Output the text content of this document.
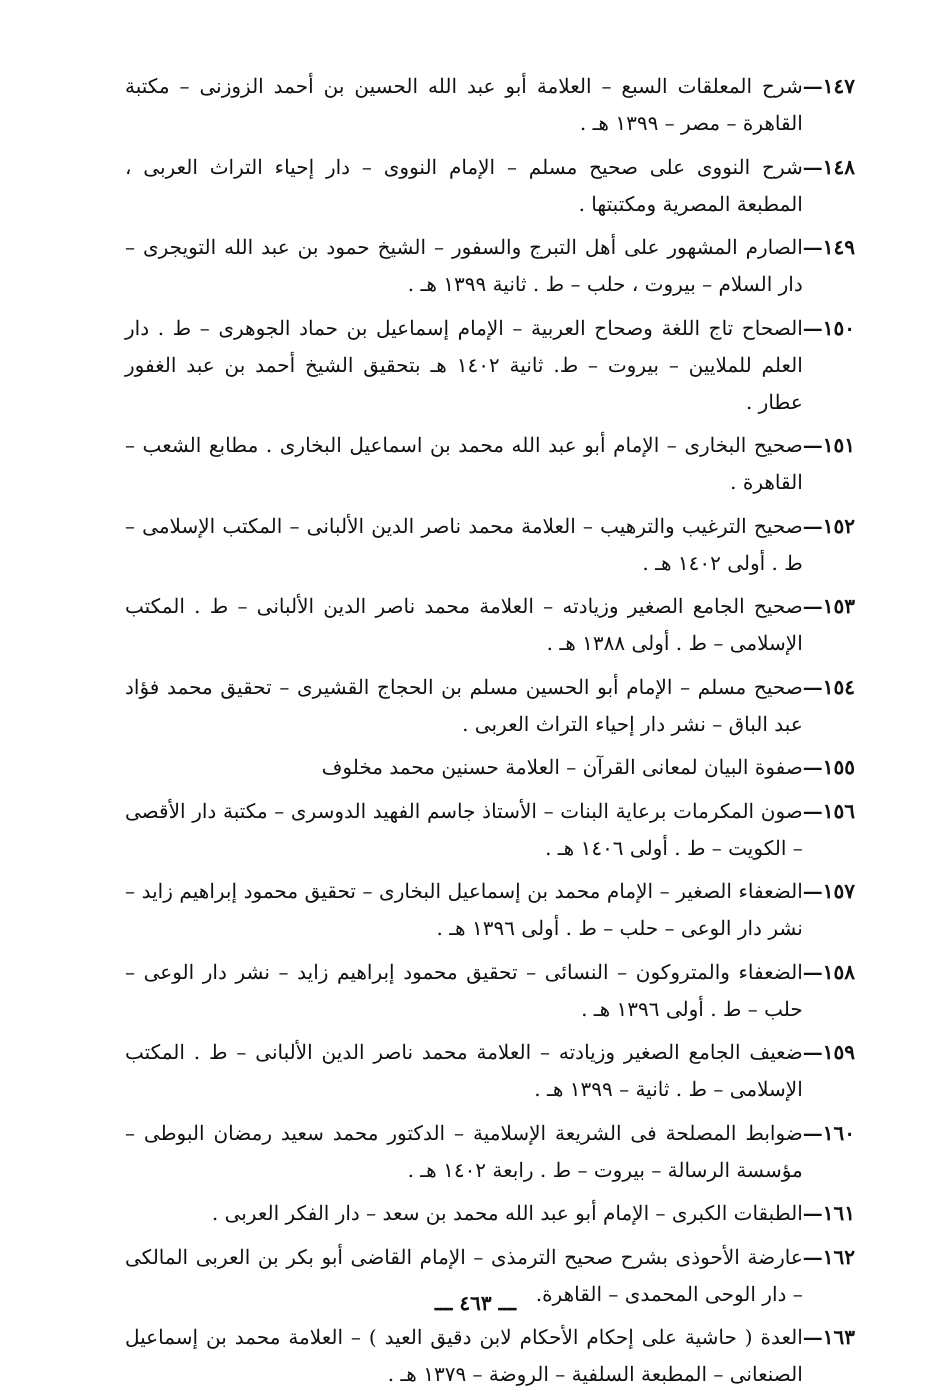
١٤٧
—
شرح المعلقات السبع – العلامة أبو عبد الله الحسين بن أحمد الزوزنى – مكتبة القاهرة – مصر – ١٣٩٩ هـ .
١٤٨
—
شرح النووى على صحيح مسلم – الإمام النووى – دار إحياء التراث العربى ، المطبعة المصرية ومكتبتها .
١٤٩
—
الصارم المشهور على أهل التبرج والسفور – الشيخ حمود بن عبد الله التويجرى – دار السلام – بيروت ، حلب – ط . ثانية ١٣٩٩ هـ .
١٥٠
—
الصحاح تاج اللغة وصحاح العربية – الإمام إسماعيل بن حماد الجوهرى – ط . دار العلم للملايين – بيروت – ط. ثانية ١٤٠٢ هـ بتحقيق الشيخ أحمد بن عبد الغفور عطار .
١٥١
—
صحيح البخارى – الإمام أبو عبد الله محمد بن اسماعيل البخارى . مطابع الشعب – القاهرة .
١٥٢
—
صحيح الترغيب والترهيب – العلامة محمد ناصر الدين الألبانى – المكتب الإسلامى – ط . أولى ١٤٠٢ هـ .
١٥٣
—
صحيح الجامع الصغير وزيادته – العلامة محمد ناصر الدين الألبانى – ط . المكتب الإسلامى – ط . أولى ١٣٨٨ هـ .
١٥٤
—
صحيح مسلم – الإمام أبو الحسين مسلم بن الحجاج القشيرى – تحقيق محمد فؤاد عبد الباق – نشر دار إحياء التراث العربى .
١٥٥
—
صفوة البيان لمعانى القرآن – العلامة حسنين محمد مخلوف
١٥٦
—
صون المكرمات برعاية البنات – الأستاذ جاسم الفهيد الدوسرى – مكتبة دار الأقصى – الكويت – ط . أولى ١٤٠٦ هـ .
١٥٧
—
الضعفاء الصغير – الإمام محمد بن إسماعيل البخارى – تحقيق محمود إبراهيم زايد – نشر دار الوعى – حلب – ط . أولى ١٣٩٦ هـ .
١٥٨
—
الضعفاء والمتروكون – النسائى – تحقيق محمود إبراهيم زايد – نشر دار الوعى – حلب – ط . أولى ١٣٩٦ هـ .
١٥٩
—
ضعيف الجامع الصغير وزيادته – العلامة محمد ناصر الدين الألبانى – ط . المكتب الإسلامى – ط . ثانية – ١٣٩٩ هـ .
١٦٠
—
ضوابط المصلحة فى الشريعة الإسلامية – الدكتور محمد سعيد رمضان البوطى – مؤسسة الرسالة – بيروت – ط . رابعة ١٤٠٢ هـ .
١٦١
—
الطبقات الكبرى – الإمام أبو عبد الله محمد بن سعد – دار الفكر العربى .
١٦٢
—
عارضة الأحوذى بشرح صحيح الترمذى – الإمام القاضى أبو بكر بن العربى المالكى – دار الوحى المحمدى – القاهرة.
١٦٣
—
العدة ( حاشية على إحكام الأحكام لابن دقيق العيد ) – العلامة محمد بن إسماعيل الصنعانى – المطبعة السلفية – الروضة – ١٣٧٩ هـ .
ـــ ٤٦٣ ـــ
